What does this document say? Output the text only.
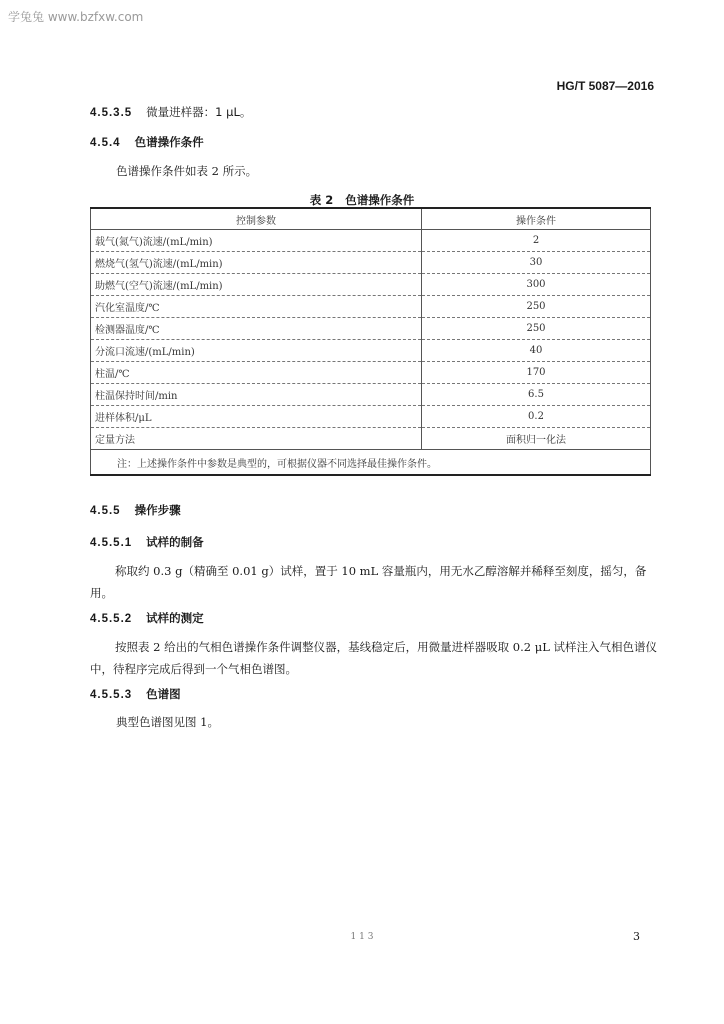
学兔兔 www.bzfxw.com
HG/T 5087—2016
4.5.3.5 微量进样器：1 μL。
4.5.4 色谱操作条件
色谱操作条件如表 2 所示。
表 2 色谱操作条件
控制参数	操作条件
载气(氮气)流速/(mL/min)	2
燃烧气(氢气)流速/(mL/min)	30
助燃气(空气)流速/(mL/min)	300
汽化室温度/℃	250
检测器温度/℃	250
分流口流速/(mL/min)	40
柱温/℃	170
柱温保持时间/min	6.5
进样体积/μL	0.2
定量方法	面积归一化法
注：上述操作条件中参数是典型的，可根据仪器不同选择最佳操作条件。	
4.5.5 操作步骤
4.5.5.1 试样的制备
称取约 0.3 g（精确至 0.01 g）试样，置于 10 mL 容量瓶内，用无水乙醇溶解并稀释至刻度，摇匀，备用。
4.5.5.2 试样的测定
按照表 2 给出的气相色谱操作条件调整仪器，基线稳定后，用微量进样器吸取 0.2 μL 试样注入气相色谱仪中，待程序完成后得到一个气相色谱图。
4.5.5.3 色谱图
典型色谱图见图 1。
1 1 3	3
